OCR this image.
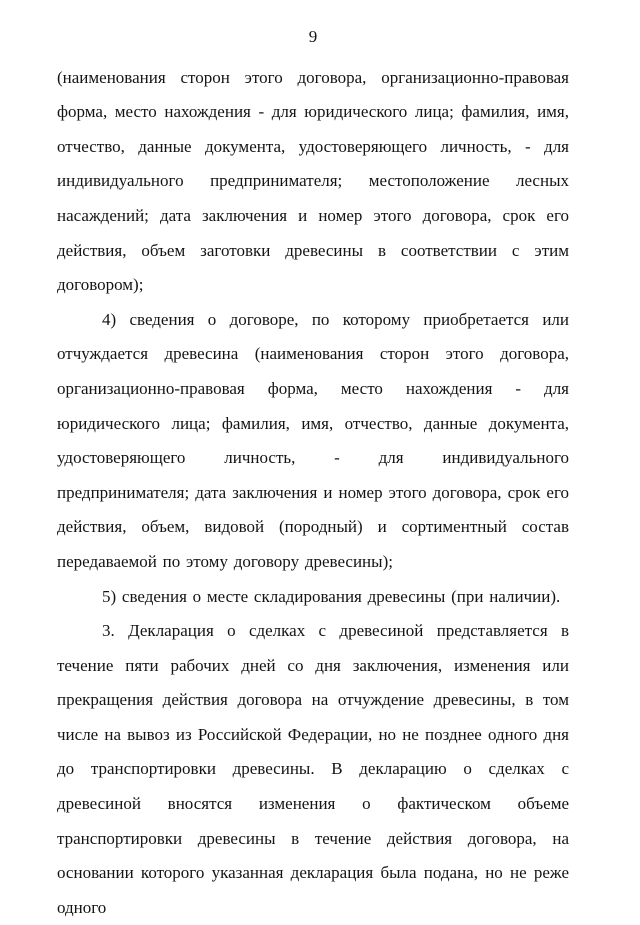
9

(наименования сторон этого договора, организационно-правовая форма, место нахождения - для юридического лица; фамилия, имя, отчество, данные документа, удостоверяющего личность, - для индивидуального предпринимателя; местоположение лесных насаждений; дата заключения и номер этого договора, срок его действия, объем заготовки древесины в соответствии с этим договором);

4) сведения о договоре, по которому приобретается или отчуждается древесина (наименования сторон этого договора, организационно-правовая форма, место нахождения - для юридического лица; фамилия, имя, отчество, данные документа, удостоверяющего личность, - для индивидуального предпринимателя; дата заключения и номер этого договора, срок его действия, объем, видовой (породный) и сортиментный состав передаваемой по этому договору древесины);

5) сведения о месте складирования древесины (при наличии).

3. Декларация о сделках с древесиной представляется в течение пяти рабочих дней со дня заключения, изменения или прекращения действия договора на отчуждение древесины, в том числе на вывоз из Российской Федерации, но не позднее одного дня до транспортировки древесины. В декларацию о сделках с древесиной вносятся изменения о фактическом объеме транспортировки древесины в течение действия договора, на основании которого указанная декларация была подана, но не реже одного
